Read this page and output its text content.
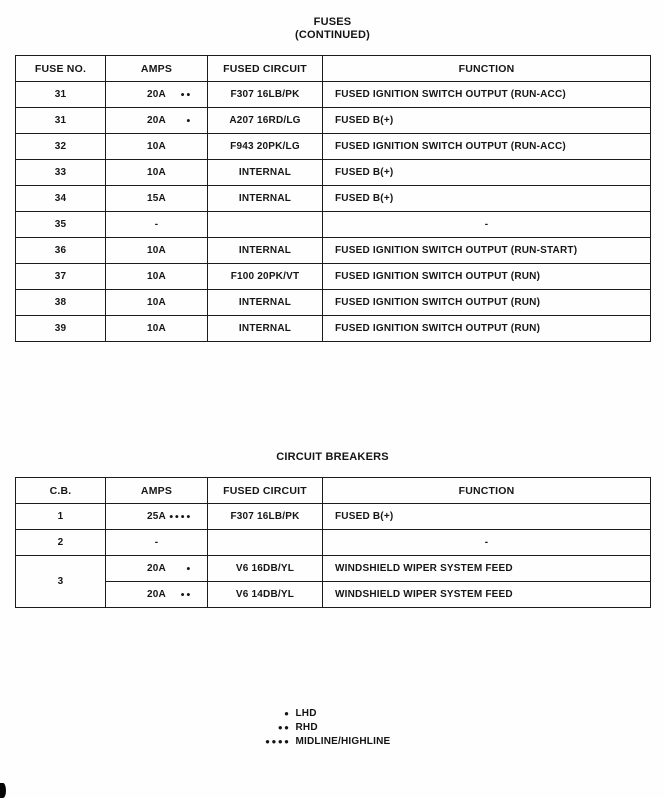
FUSES
(CONTINUED)
FUSE NO.	AMPS	FUSED CIRCUIT	FUNCTION
31	20A ●●	F307 16LB/PK	FUSED IGNITION SWITCH OUTPUT (RUN-ACC)
31	20A ●	A207 16RD/LG	FUSED B(+)
32	10A	F943 20PK/LG	FUSED IGNITION SWITCH OUTPUT (RUN-ACC)
33	10A	INTERNAL	FUSED B(+)
34	15A	INTERNAL	FUSED B(+)
35	-		-
36	10A	INTERNAL	FUSED IGNITION SWITCH OUTPUT (RUN-START)
37	10A	F100 20PK/VT	FUSED IGNITION SWITCH OUTPUT (RUN)
38	10A	INTERNAL	FUSED IGNITION SWITCH OUTPUT (RUN)
39	10A	INTERNAL	FUSED IGNITION SWITCH OUTPUT (RUN)
CIRCUIT BREAKERS
C.B.	AMPS	FUSED CIRCUIT	FUNCTION
1	25A ●●●●	F307 16LB/PK	FUSED B(+)
2	-		-
3	20A ●	V6 16DB/YL	WINDSHIELD WIPER SYSTEM FEED
	20A ●●	V6 14DB/YL	WINDSHIELD WIPER SYSTEM FEED
● LHD
●● RHD
●●●● MIDLINE/HIGHLINE
